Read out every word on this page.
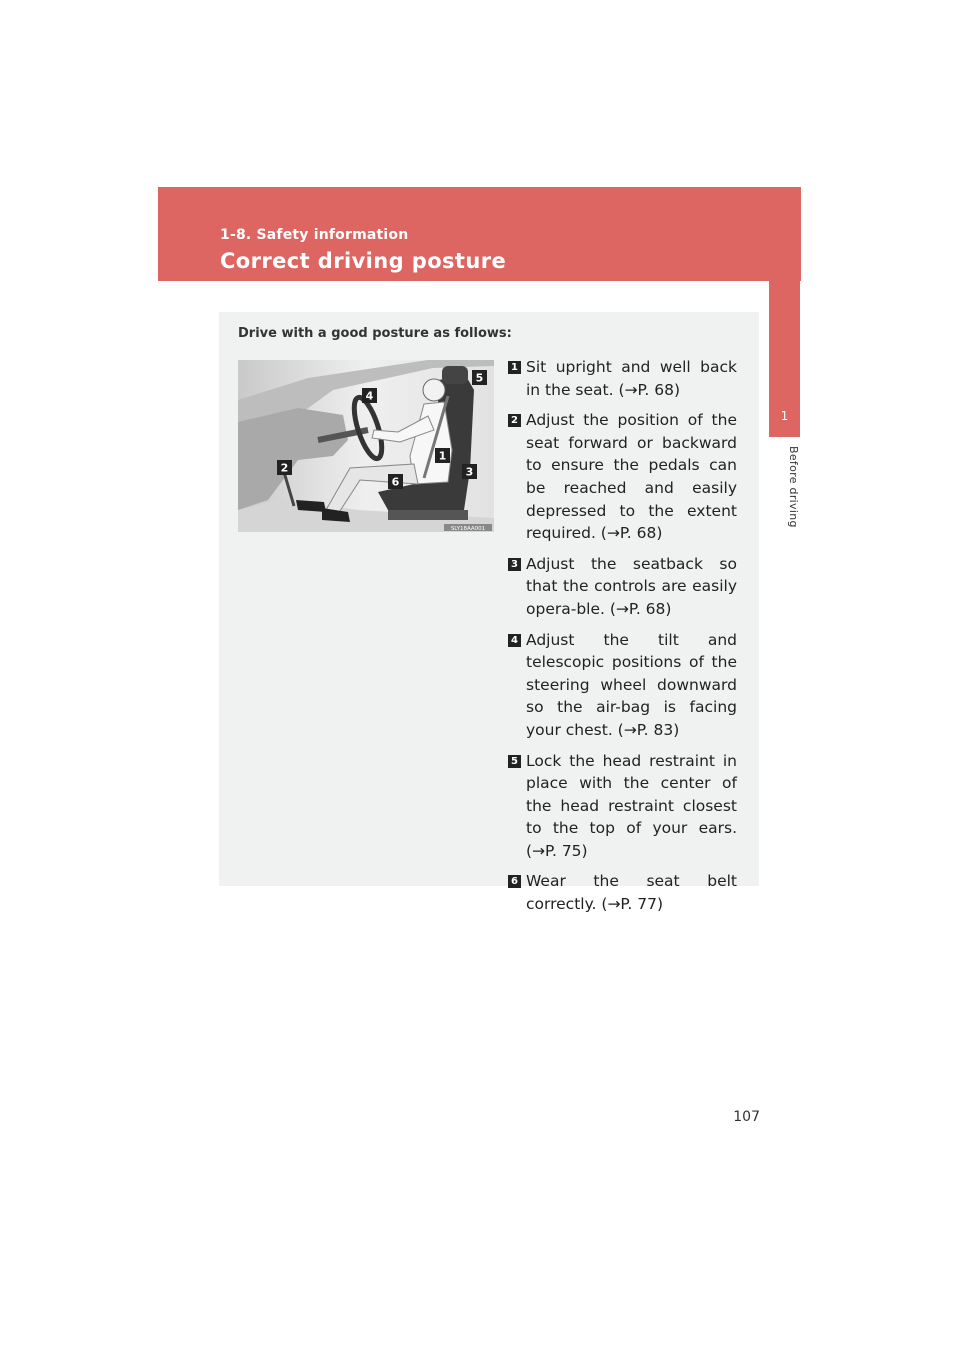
1-8. Safety information
Correct driving posture
1
Before driving

Drive with a good posture as follows:

5
4
1
2	3
6
SLY18AA001
1 Sit upright and well back in the seat. (→P. 68)
2 Adjust the position of the seat forward or backward to ensure the pedals can be reached and easily depressed to the extent required. (→P. 68)
3 Adjust the seatback so that the controls are easily opera-ble. (→P. 68)
4 Adjust the tilt and telescopic positions of the steering wheel downward so the air-bag is facing your chest. (→P. 83)
5 Lock the head restraint in place with the center of the head restraint closest to the top of your ears. (→P. 75)
6 Wear the seat belt correctly. (→P. 77)
107
